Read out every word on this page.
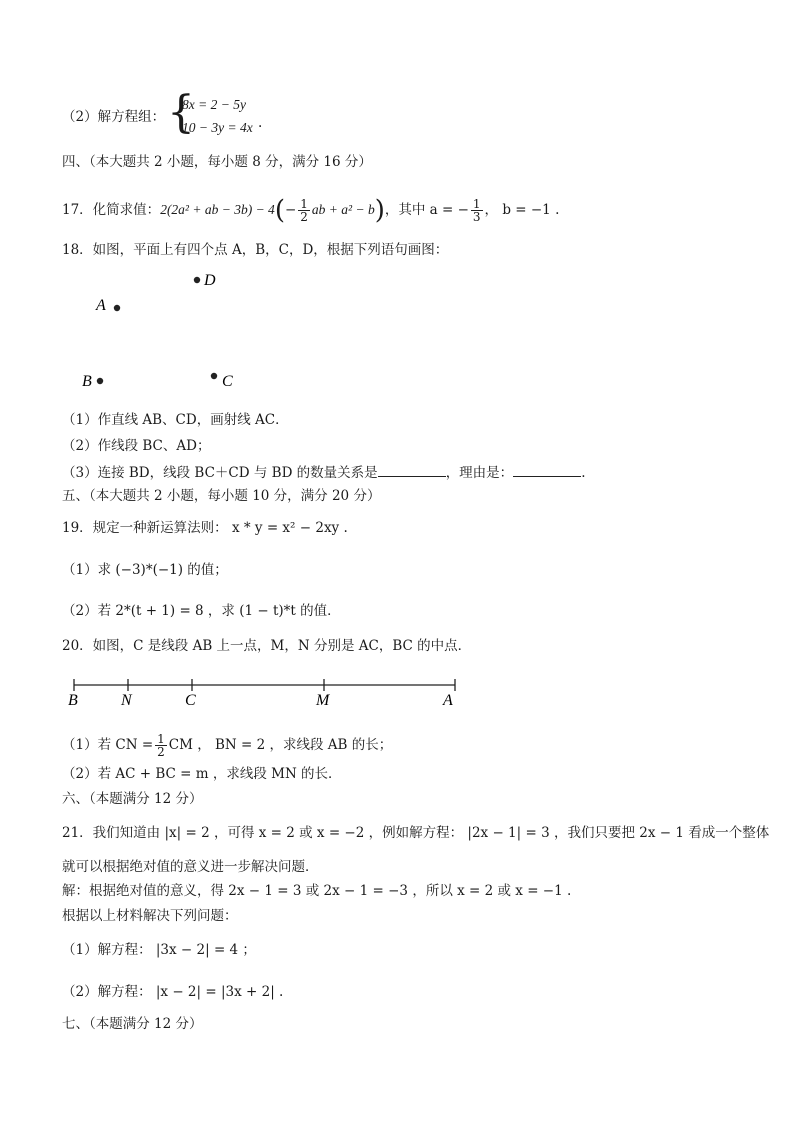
（2）解方程组： {
8x = 2 − 5y
10 − 3y = 4x .
四、（本大题共 2 小题，每小题 8 分，满分 16 分）
17．化简求值：2(2a² + ab − $3b) - 4(- \frac{1}{2}$ ab + a² − b)，其中 a = − $\frac{1}{3}$ ， b = −1 .
18．如图，平面上有四个点 A，B，C，D，根据下列语句画图：
D
A
B	C
（1）作直线 AB、CD，画射线 AC．
（2）作线段 BC、AD；
（3）连接 BD，线段 BC＋CD 与 BD 的数量关系是	，理由是：	.
五、（本大题共 2 小题，每小题 10 分，满分 20 分）
19．规定一种新运算法则： x * y = x² − 2xy .
（1）求 (−3)*(−1) 的值；
（2）若 2*(t + 1) = 8 ，求 (1 − t)*t 的值．
20．如图，C 是线段 AB 上一点，M，N 分别是 AC，BC 的中点．
B	N	C	M	A
（1）若 CN = $\frac{1}{2}$ CM ， BN = 2 ，求线段 AB 的长；
（2）若 AC + BC = m ，求线段 MN 的长．
六、（本题满分 12 分）
21．我们知道由 |x| = 2 ，可得 x = 2 或 x = −2 ，例如解方程： |2x − 1| = 3 ，我们只要把 2x − 1 看成一个整体
就可以根据绝对值的意义进一步解决问题．
解：根据绝对值的意义，得 2x − 1 = 3 或 2x − 1 = −3 ，所以 x = 2 或 x = −1 .
根据以上材料解决下列问题：
（1）解方程： |3x − 2| = 4 ；
（2）解方程： |x − 2| = |3x + 2| .
七、（本题满分 12 分）
